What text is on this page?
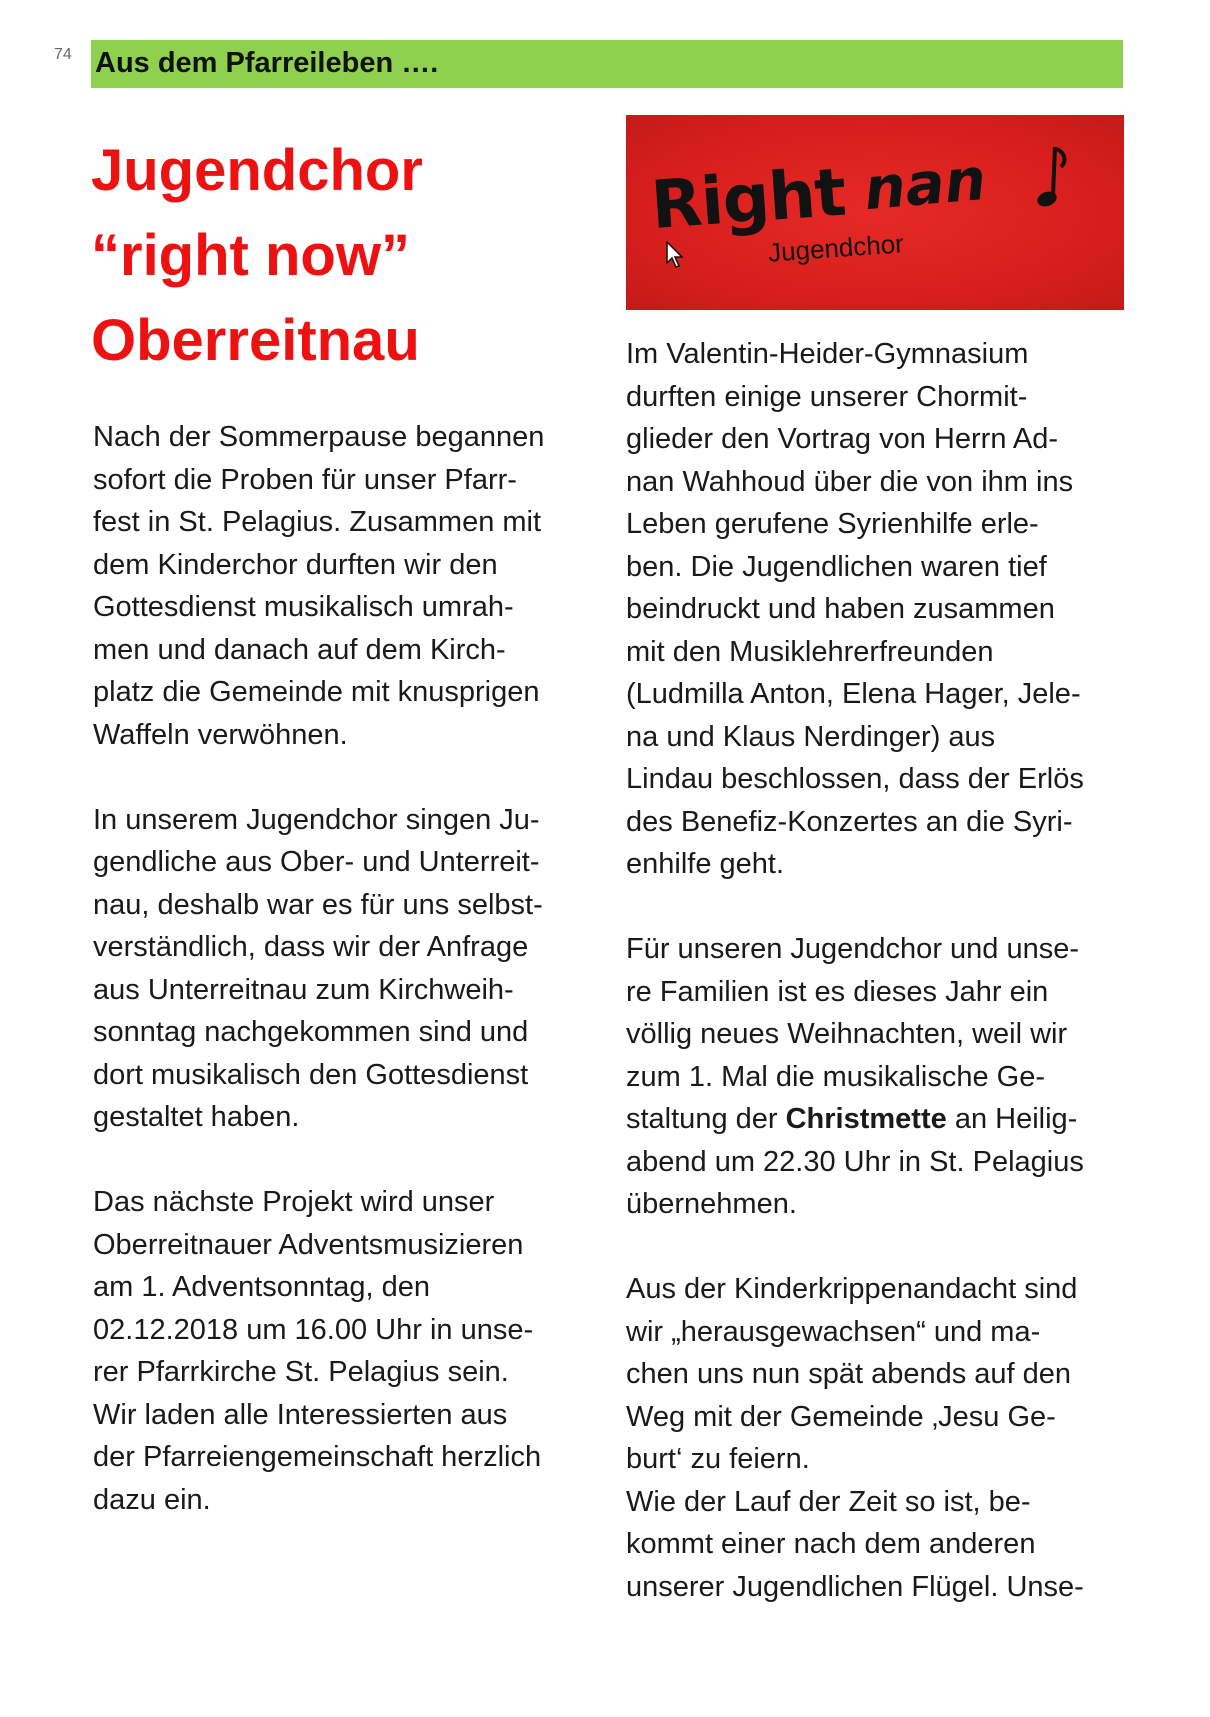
74 Aus dem Pfarreileben ….
Jugendchor
“right now”
Oberreitnau
Right nan
Jugendchor

Nach der Sommerpause begannen

sofort die Proben für unser Pfarr-

fest in St. Pelagius. Zusammen mit

dem Kinderchor durften wir den

Gottesdienst musikalisch umrah-

men und danach auf dem Kirch-

platz die Gemeinde mit knusprigen

Waffeln verwöhnen.

In unserem Jugendchor singen Ju-

gendliche aus Ober- und Unterreit-

nau, deshalb war es für uns selbst-

verständlich, dass wir der Anfrage

aus Unterreitnau zum Kirchweih-

sonntag nachgekommen sind und

dort musikalisch den Gottesdienst

gestaltet haben.

Das nächste Projekt wird unser

Oberreitnauer Adventsmusizieren

am 1. Adventsonntag, den

02.12.2018 um 16.00 Uhr in unse-

rer Pfarrkirche St. Pelagius sein.

Wir laden alle Interessierten aus

der Pfarreiengemeinschaft herzlich

dazu ein.

Im Valentin-Heider-Gymnasium

durften einige unserer Chormit-

glieder den Vortrag von Herrn Ad-

nan Wahhoud über die von ihm ins

Leben gerufene Syrienhilfe erle-

ben. Die Jugendlichen waren tief

beindruckt und haben zusammen

mit den Musiklehrerfreunden

(Ludmilla Anton, Elena Hager, Jele-

na und Klaus Nerdinger) aus

Lindau beschlossen, dass der Erlös

des Benefiz-Konzertes an die Syri-

enhilfe geht.

Für unseren Jugendchor und unse-

re Familien ist es dieses Jahr ein

völlig neues Weihnachten, weil wir

zum 1. Mal die musikalische Ge-

staltung der Christmette an Heilig-

abend um 22.30 Uhr in St. Pelagius

übernehmen.

Aus der Kinderkrippenandacht sind

wir „herausgewachsen“ und ma-

chen uns nun spät abends auf den

Weg mit der Gemeinde ‚Jesu Ge-

burt‘ zu feiern.

Wie der Lauf der Zeit so ist, be-

kommt einer nach dem anderen

unserer Jugendlichen Flügel. Unse-
